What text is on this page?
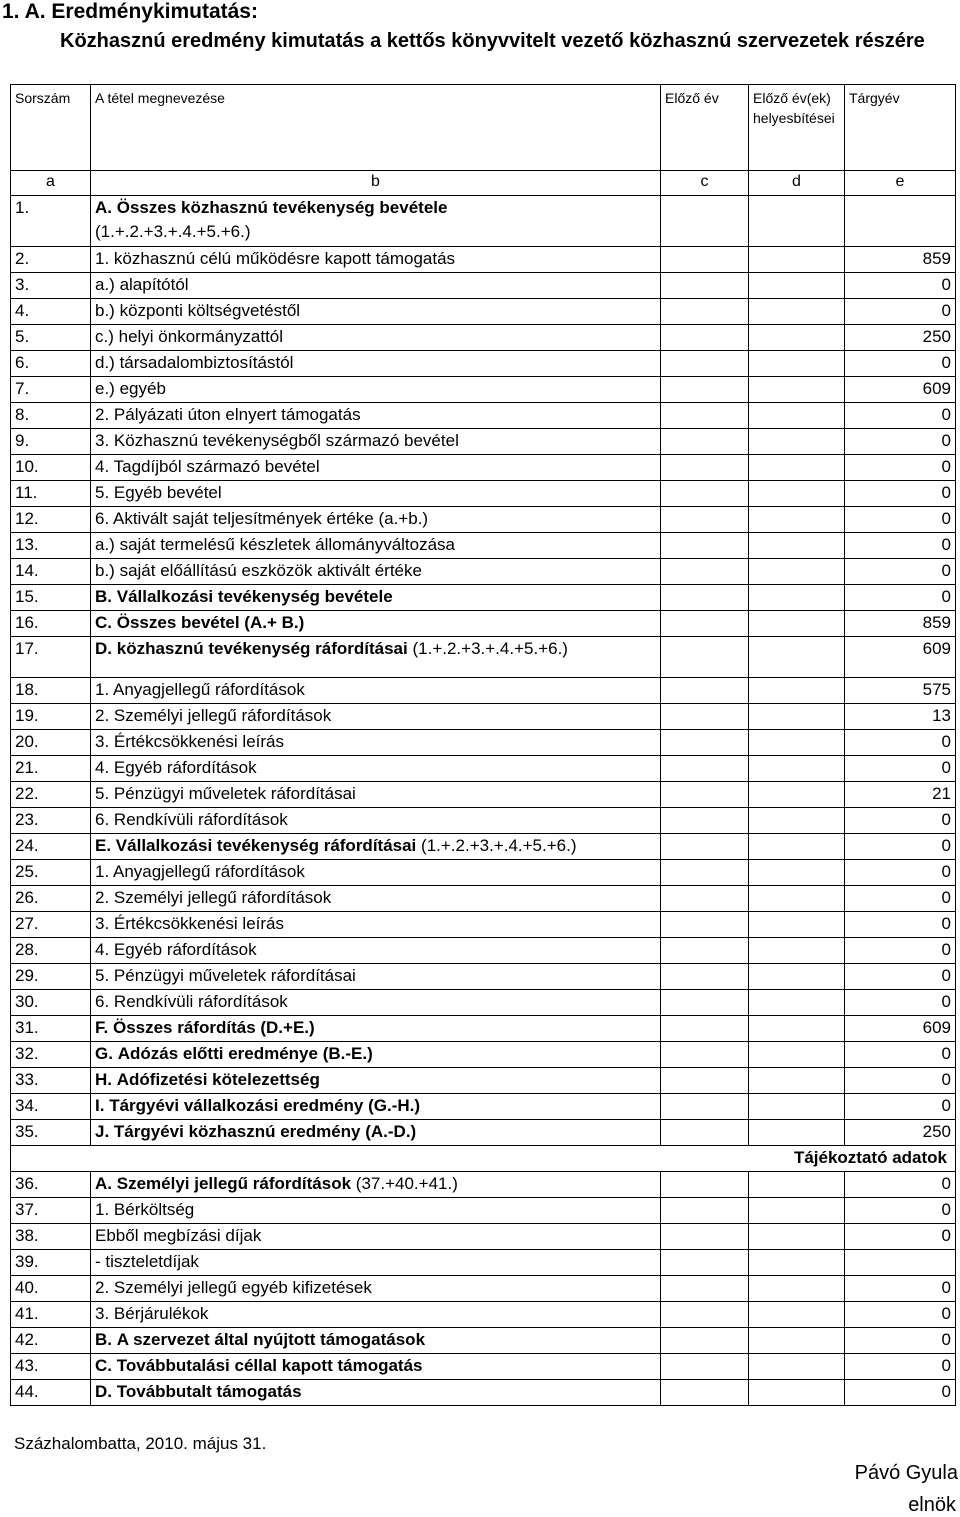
1. A. Eredménykimutatás:
Közhasznú eredmény kimutatás a kettős könyvvitelt vezető közhasznú szervezetek részére
Sorszám	A tétel megnevezése	Előző év	Előző év(ek) helyesbítései	Tárgyév
a	b	c	d	e
1.	A. Összes közhasznú tevékenység bevétele
(1.+.2.+3.+.4.+5.+6.)			
2.	1. közhasznú célú működésre kapott támogatás			859
3.	a.) alapítótól			0
4.	b.) központi költségvetéstől			0
5.	c.) helyi önkormányzattól			250
6.	d.) társadalombiztosítástól			0
7.	e.) egyéb			609
8.	2. Pályázati úton elnyert támogatás			0
9.	3. Közhasznú tevékenységből származó bevétel			0
10.	4. Tagdíjból származó bevétel			0
11.	5. Egyéb bevétel			0
12.	6. Aktivált saját teljesítmények értéke (a.+b.)			0
13.	a.) saját termelésű készletek állományváltozása			0
14.	b.) saját előállítású eszközök aktivált értéke			0
15.	B. Vállalkozási tevékenység bevétele			0
16.	C. Összes bevétel (A.+ B.)			859
17.	D. közhasznú tevékenység ráfordításai (1.+.2.+3.+.4.+5.+6.)			609
18.	1. Anyagjellegű ráfordítások			575
19.	2. Személyi jellegű ráfordítások			13
20.	3. Értékcsökkenési leírás			0
21.	4. Egyéb ráfordítások			0
22.	5. Pénzügyi műveletek ráfordításai			21
23.	6. Rendkívüli ráfordítások			0
24.	E. Vállalkozási tevékenység ráfordításai (1.+.2.+3.+.4.+5.+6.)			0
25.	1. Anyagjellegű ráfordítások			0
26.	2. Személyi jellegű ráfordítások			0
27.	3. Értékcsökkenési leírás			0
28.	4. Egyéb ráfordítások			0
29.	5. Pénzügyi műveletek ráfordításai			0
30.	6. Rendkívüli ráfordítások			0
31.	F. Összes ráfordítás (D.+E.)			609
32.	G. Adózás előtti eredménye (B.-E.)			0
33.	H. Adófizetési kötelezettség			0
34.	I. Tárgyévi vállalkozási eredmény (G.-H.)			0
35.	J. Tárgyévi közhasznú eredmény (A.-D.)			250
		Tájékoztató adatok		
36.	A. Személyi jellegű ráfordítások (37.+40.+41.)			0
37.	1. Bérköltség			0
38.	Ebből megbízási díjak			0
39.	- tiszteletdíjak			
40.	2. Személyi jellegű egyéb kifizetések			0
41.	3. Bérjárulékok			0
42.	B. A szervezet által nyújtott támogatások			0
43.	C. Továbbutalási céllal kapott támogatás			0
44.	D. Továbbutalt támogatás			0
Százhalombatta, 2010. május 31.
Pávó Gyula
elnök
